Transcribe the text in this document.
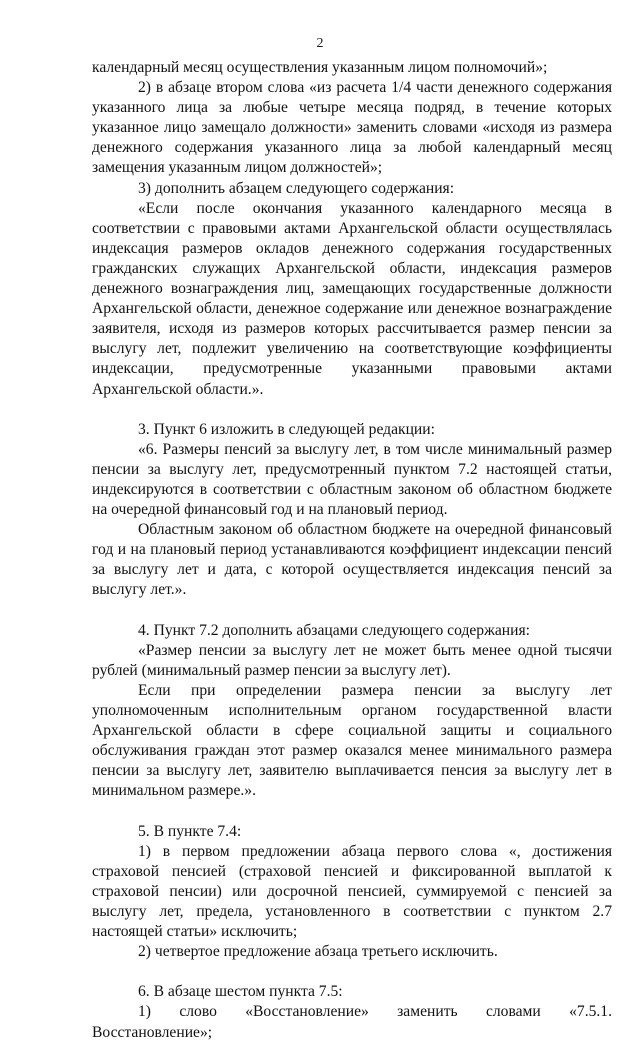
2

календарный месяц осуществления указанным лицом полномочий»;

2) в абзаце втором слова «из расчета 1/4 части денежного содержания указанного лица за любые четыре месяца подряд, в течение которых указанное лицо замещало должности» заменить словами «исходя из размера денежного содержания указанного лица за любой календарный месяц замещения указанным лицом должностей»;

3) дополнить абзацем следующего содержания:

«Если после окончания указанного календарного месяца в соответствии с правовыми актами Архангельской области осуществлялась индексация размеров окладов денежного содержания государственных гражданских служащих Архангельской области, индексация размеров денежного вознаграждения лиц, замещающих государственные должности Архангельской области, денежное содержание или денежное вознаграждение заявителя, исходя из размеров которых рассчитывается размер пенсии за выслугу лет, подлежит увеличению на соответствующие коэффициенты индексации, предусмотренные указанными правовыми актами Архангельской области.».

3. Пункт 6 изложить в следующей редакции:

«6. Размеры пенсий за выслугу лет, в том числе минимальный размер пенсии за выслугу лет, предусмотренный пунктом 7.2 настоящей статьи, индексируются в соответствии с областным законом об областном бюджете на очередной финансовый год и на плановый период.

Областным законом об областном бюджете на очередной финансовый год и на плановый период устанавливаются коэффициент индексации пенсий за выслугу лет и дата, с которой осуществляется индексация пенсий за выслугу лет.».

4. Пункт 7.2 дополнить абзацами следующего содержания:

«Размер пенсии за выслугу лет не может быть менее одной тысячи рублей (минимальный размер пенсии за выслугу лет).

Если при определении размера пенсии за выслугу лет уполномоченным исполнительным органом государственной власти Архангельской области в сфере социальной защиты и социального обслуживания граждан этот размер оказался менее минимального размера пенсии за выслугу лет, заявителю выплачивается пенсия за выслугу лет в минимальном размере.».

5. В пункте 7.4:

1) в первом предложении абзаца первого слова «, достижения страховой пенсией (страховой пенсией и фиксированной выплатой к страховой пенсии) или досрочной пенсией, суммируемой с пенсией за выслугу лет, предела, установленного в соответствии с пунктом 2.7 настоящей статьи» исключить;

2) четвертое предложение абзаца третьего исключить.

6. В абзаце шестом пункта 7.5:

1) слово «Восстановление» заменить словами «7.5.1. Восстановление»;
